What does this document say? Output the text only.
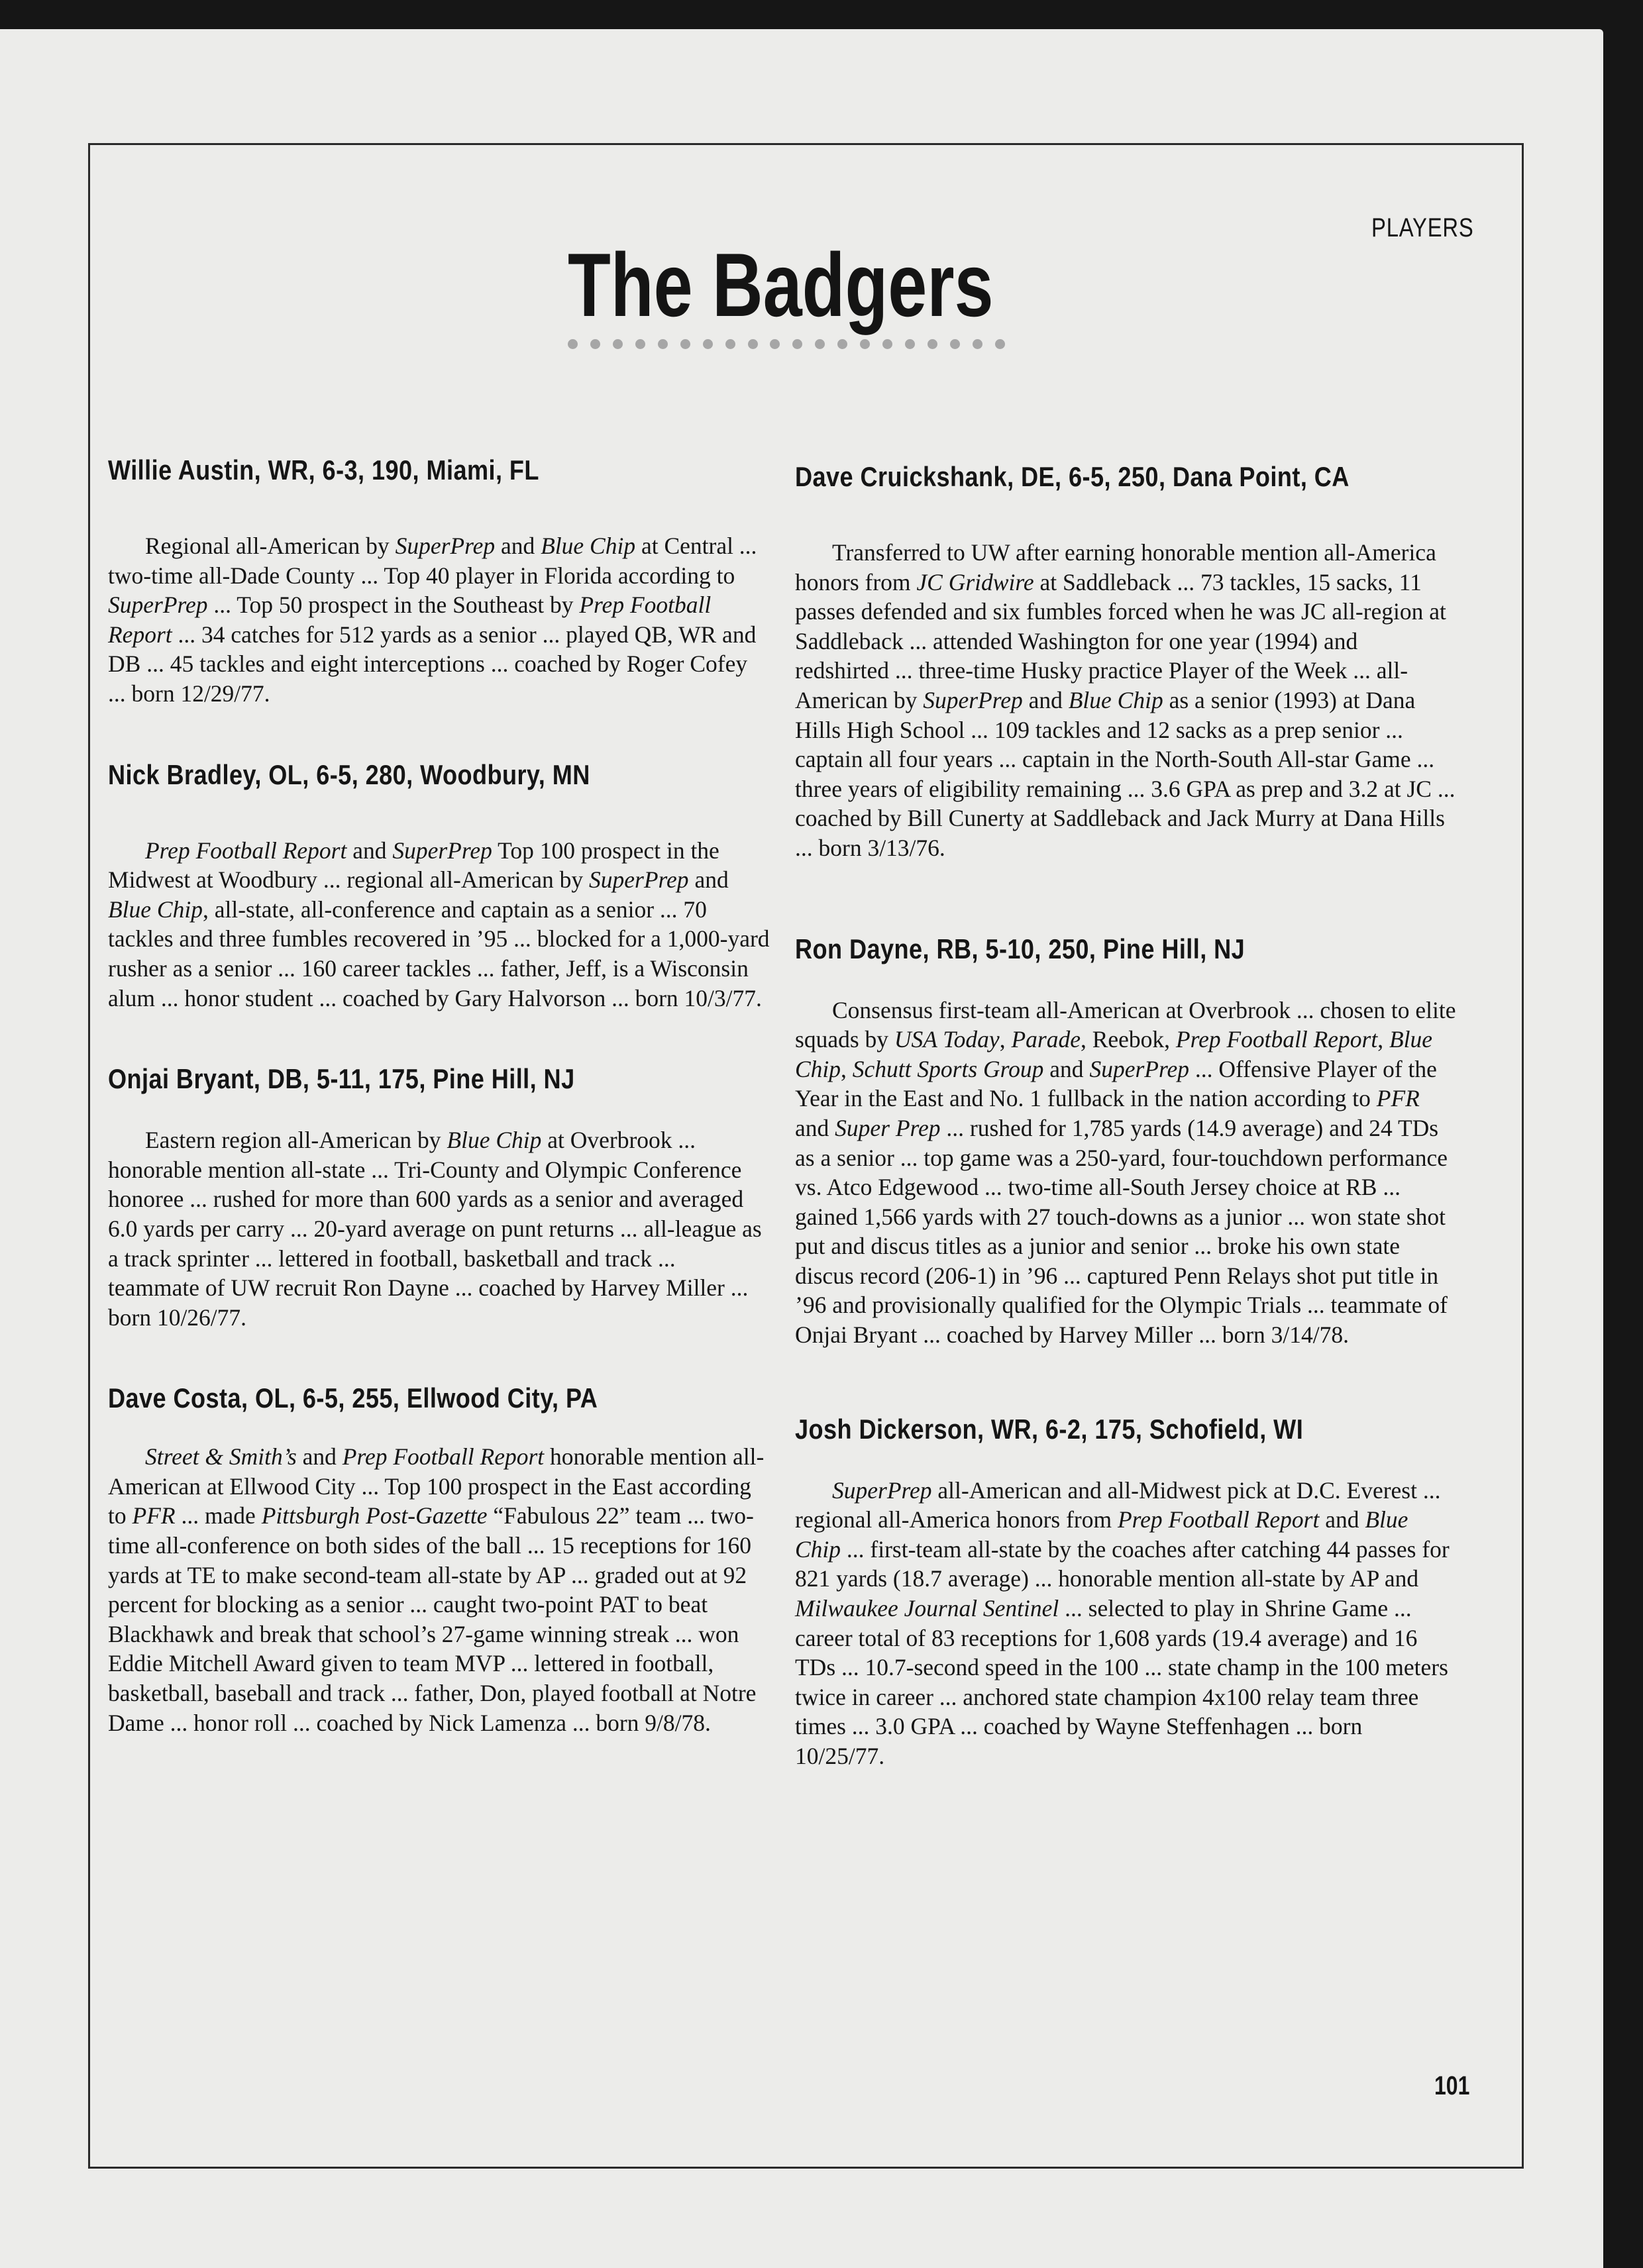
PLAYERS
The Badgers
Willie Austin, WR, 6-3, 190, Miami, FL

Regional all-American by SuperPrep and Blue Chip at Central ... two-time all-Dade County ... Top 40 player in Florida according to SuperPrep ... Top 50 prospect in the Southeast by Prep Football Report ... 34 catches for 512 yards as a senior ... played QB, WR and DB ... 45 tackles and eight interceptions ... coached by Roger Cofey ... born 12/29/77.

Nick Bradley, OL, 6-5, 280, Woodbury, MN

Prep Football Report and SuperPrep Top 100 prospect in the Midwest at Woodbury ... regional all-American by SuperPrep and Blue Chip, all-state, all-conference and captain as a senior ... 70 tackles and three fumbles recovered in ’95 ... blocked for a 1,000-yard rusher as a senior ... 160 career tackles ... father, Jeff, is a Wisconsin alum ... honor student ... coached by Gary Halvorson ... born 10/3/77.

Onjai Bryant, DB, 5-11, 175, Pine Hill, NJ

Eastern region all-American by Blue Chip at Overbrook ... honorable mention all-state ... Tri-County and Olympic Conference honoree ... rushed for more than 600 yards as a senior and averaged 6.0 yards per carry ... 20-yard average on punt returns ... all-league as a track sprinter ... lettered in football, basketball and track ... teammate of UW recruit Ron Dayne ... coached by Harvey Miller ... born 10/26/77.

Dave Costa, OL, 6-5, 255, Ellwood City, PA

Street & Smith’s and Prep Football Report honorable mention all-American at Ellwood City ... Top 100 prospect in the East according to PFR ... made Pittsburgh Post-Gazette “Fabulous 22” team ... two-time all-conference on both sides of the ball ... 15 receptions for 160 yards at TE to make second-team all-state by AP ... graded out at 92 percent for blocking as a senior ... caught two-point PAT to beat Blackhawk and break that school’s 27-game winning streak ... won Eddie Mitchell Award given to team MVP ... lettered in football, basketball, baseball and track ... father, Don, played football at Notre Dame ... honor roll ... coached by Nick Lamenza ... born 9/8/78.

Dave Cruickshank, DE, 6-5, 250, Dana Point, CA

Transferred to UW after earning honorable mention all-America honors from JC Gridwire at Saddleback ... 73 tackles, 15 sacks, 11 passes defended and six fumbles forced when he was JC all-region at Saddleback ... attended Washington for one year (1994) and redshirted ... three-time Husky practice Player of the Week ... all-American by SuperPrep and Blue Chip as a senior (1993) at Dana Hills High School ... 109 tackles and 12 sacks as a prep senior ... captain all four years ... captain in the North-South All-star Game ... three years of eligibility remaining ... 3.6 GPA as prep and 3.2 at JC ... coached by Bill Cunerty at Saddleback and Jack Murry at Dana Hills ... born 3/13/76.

Ron Dayne, RB, 5-10, 250, Pine Hill, NJ

Consensus first-team all-American at Overbrook ... chosen to elite squads by USA Today, Parade, Reebok, Prep Football Report, Blue Chip, Schutt Sports Group and SuperPrep ... Offensive Player of the Year in the East and No. 1 fullback in the nation according to PFR and Super Prep ... rushed for 1,785 yards (14.9 average) and 24 TDs as a senior ... top game was a 250-yard, four-touchdown performance vs. Atco Edgewood ... two-time all-South Jersey choice at RB ... gained 1,566 yards with 27 touch-downs as a junior ... won state shot put and discus titles as a junior and senior ... broke his own state discus record (206-1) in ’96 ... captured Penn Relays shot put title in ’96 and provisionally qualified for the Olympic Trials ... teammate of Onjai Bryant ... coached by Harvey Miller ... born 3/14/78.

Josh Dickerson, WR, 6-2, 175, Schofield, WI

SuperPrep all-American and all-Midwest pick at D.C. Everest ... regional all-America honors from Prep Football Report and Blue Chip ... first-team all-state by the coaches after catching 44 passes for 821 yards (18.7 average) ... honorable mention all-state by AP and Milwaukee Journal Sentinel ... selected to play in Shrine Game ... career total of 83 receptions for 1,608 yards (19.4 average) and 16 TDs ... 10.7-second speed in the 100 ... state champ in the 100 meters twice in career ... anchored state champion 4x100 relay team three times ... 3.0 GPA ... coached by Wayne Steffenhagen ... born 10/25/77.

101
